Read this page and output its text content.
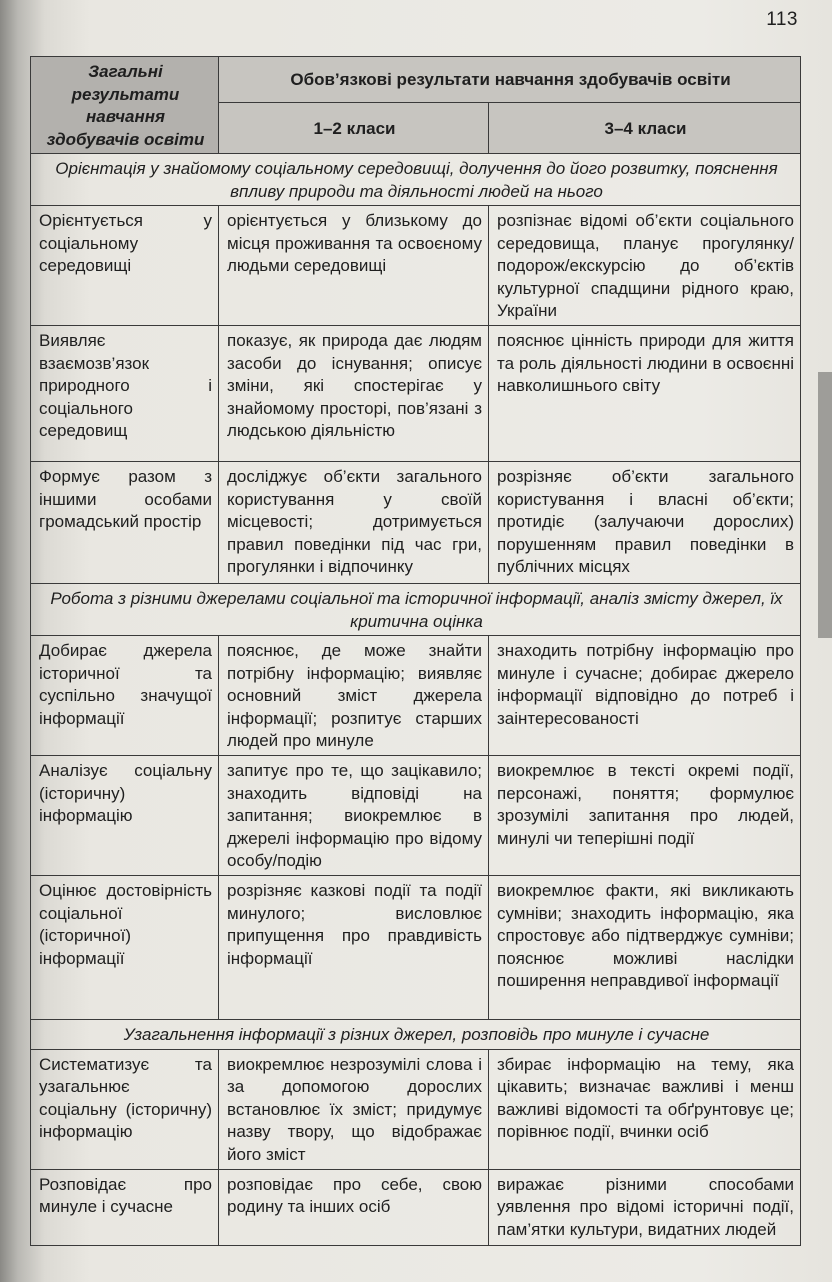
113
Загальні результати навчання здобувачів освіти	Обов’язкові результати навчання здобувачів освіти	
	1–2 класи	3–4 класи
Орієнтація у знайомому соціальному середовищі, долучення до його розвитку, пояснення впливу природи та діяльності людей на нього		
Орієнтується у соціальному середовищі	орієнтується у близькому до місця проживання та освоєному людьми середовищі	розпізнає відомі об’єкти соціального середовища, планує прогулянку/подорож/екскурсію до об’єктів культурної спадщини рідного краю, України
Виявляє взаємозв’язок природного і соціального середовищ	показує, як природа дає людям засоби до існування; описує зміни, які спостерігає у знайомому просторі, пов’язані з людською діяльністю	пояснює цінність природи для життя та роль діяльності людини в освоєнні навколишнього світу
Формує разом з іншими особами громадський простір	досліджує об’єкти загального користування у своїй місцевості; дотримується правил поведінки під час гри, прогулянки і відпочинку	розрізняє об’єкти загального користування і власні об’єкти; протидіє (залучаючи дорослих) порушенням правил поведінки в публічних місцях
Робота з різними джерелами соціальної та історичної інформації, аналіз змісту джерел, їх критична оцінка		
Добирає джерела історичної та суспільно значущої інформації	пояснює, де може знайти потрібну інформацію; виявляє основний зміст джерела інформації; розпитує старших людей про минуле	знаходить потрібну інформацію про минуле і сучасне; добирає джерело інформації відповідно до потреб і заінтересованості
Аналізує соціальну (історичну) інформацію	запитує про те, що зацікавило; знаходить відповіді на запитання; виокремлює в джерелі інформацію про відому особу/подію	виокремлює в тексті окремі події, персонажі, поняття; формулює зрозумілі запитання про людей, минулі чи теперішні події
Оцінює достовірність соціальної (історичної) інформації	розрізняє казкові події та події минулого; висловлює припущення про правдивість інформації	виокремлює факти, які викликають сумніви; знаходить інформацію, яка спростовує або підтверджує сумніви; пояснює можливі наслідки поширення неправдивої інформації
Узагальнення інформації з різних джерел, розповідь про минуле і сучасне		
Систематизує та узагальнює соціальну (історичну) інформацію	виокремлює незрозумілі слова і за допомогою дорослих встановлює їх зміст; придумує назву твору, що відображає його зміст	збирає інформацію на тему, яка цікавить; визначає важливі і менш важливі відомості та обґрунтовує це; порівнює події, вчинки осіб
Розповідає про минуле і сучасне	розповідає про себе, свою родину та інших осіб	виражає різними способами уявлення про відомі історичні події, пам’ятки культури, видатних людей
